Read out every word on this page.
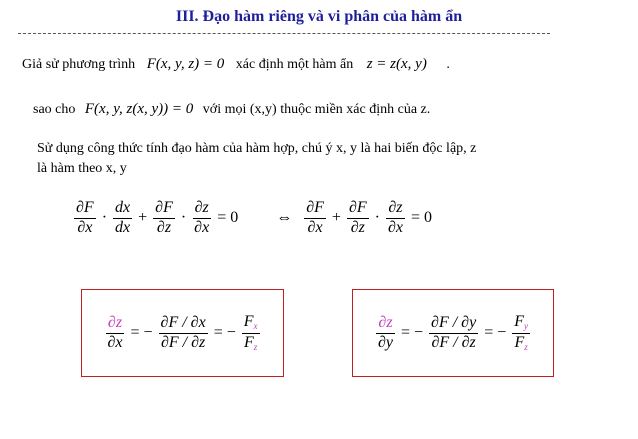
III. Đạo hàm riêng và vi phân của hàm ẩn
Giả sử phương trình F(x, y, z) = 0 xác định một hàm ẩn z = z(x, y) .
sao cho F(x, y, z(x, y)) = 0 với mọi (x,y) thuộc miền xác định của z.
Sử dụng công thức tính đạo hàm của hàm hợp, chú ý x, y là hai biến độc lập, z
là hàm theo x, y
∂F
∂x
·
dx
dx
+ $\frac{\partial F}{\partial z} \cdot \frac{\partial z}{\partial x} = 0$ ⇔
∂F
∂x
+ $\frac{\partial F}{\partial z} \cdot \frac{\partial z}{\partial x} = 0$
$\frac{\partial z}{\partial x}$ = − $\frac{\partial F / \partial x}{\partial F / \partial z}$ = − $\frac{F_x}{F_z}$	$\frac{\partial z}{\partial y}$ = − $\frac{\partial F / \partial y}{\partial F / \partial z}$ = − $\frac{F_y}{F_z}$
